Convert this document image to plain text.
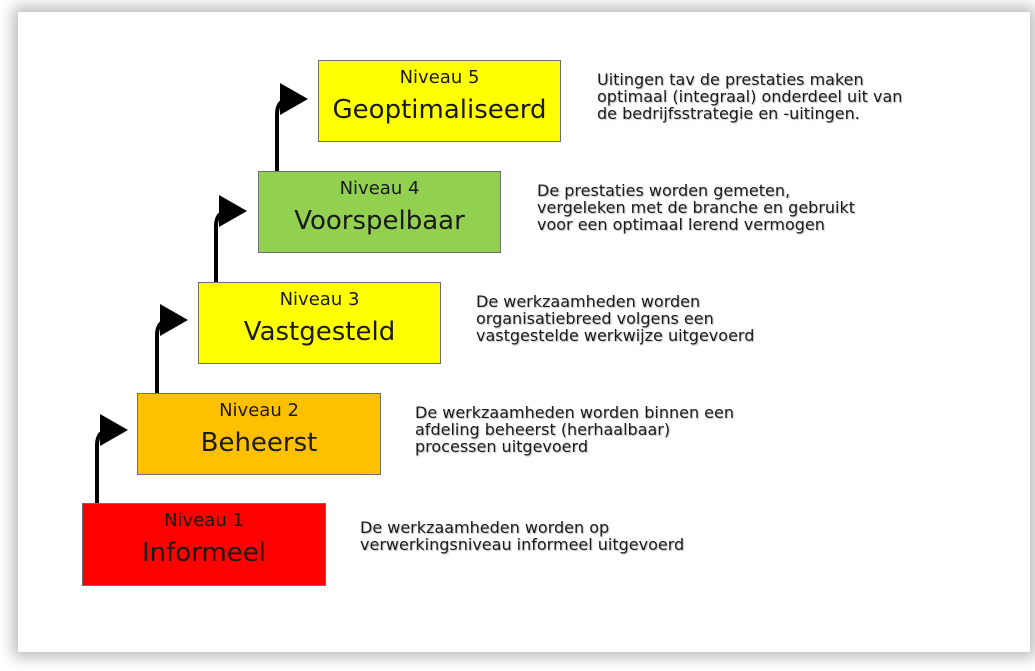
Niveau 1
Informeel
De werkzaamheden worden op
verwerkingsniveau informeel uitgevoerd
Niveau 2
Beheerst
De werkzaamheden worden binnen een
afdeling beheerst (herhaalbaar)
processen uitgevoerd
Niveau 3
Vastgesteld
De werkzaamheden worden
organisatiebreed volgens een
vastgestelde werkwijze uitgevoerd
Niveau 4
Voorspelbaar
De prestaties worden gemeten,
vergeleken met de branche en gebruikt
voor een optimaal lerend vermogen
Niveau 5
Geoptimaliseerd
Uitingen tav de prestaties maken
optimaal (integraal) onderdeel uit van
de bedrijfsstrategie en -uitingen.
